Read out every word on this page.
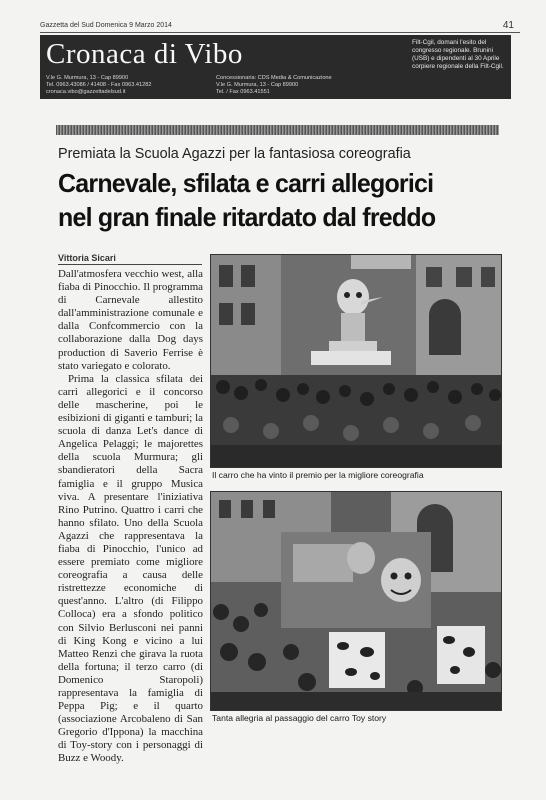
Gazzetta del Sud Domenica 9 Marzo 2014	41
Cronaca di Vibo
V.le G. Murmura, 13 - Cap 89900
Tel. 0963.43086 / 41408 - Fax 0963.41282
cronaca.vibo@gazzettadelsud.it
Concessionaria: CDS Media & Comunicazione
V.le G. Murmura, 13 - Cap 89900
Tel. / Fax 0963.41551
Filt-Cgil, domani l'esito del congresso regionale. Brunini (USB) e dipendenti al 30 Aprile corpiere regionale della Filt-Cgil.
Premiata la Scuola Agazzi per la fantasiosa coreografia
Carnevale, sfilata e carri allegorici
nel gran finale ritardato dal freddo
Vittoria Sicari

Dall'atmosfera vecchio west, alla fiaba di Pinocchio. Il programma di Carnevale allestito dall'amministrazione comunale e dalla Confcommercio con la collaborazione dalla Dog days production di Saverio Ferrise è stato variegato e colorato.

Prima la classica sfilata dei carri allegorici e il concorso delle mascherine, poi le esibizioni di giganti e tamburi; la scuola di danza Let's dance di Angelica Pelaggi; le majorettes della scuola Murmura; gli sbandieratori della Sacra famiglia e il gruppo Musica viva. A presentare l'iniziativa Rino Putrino. Quattro i carri che hanno sfilato. Uno della Scuola Agazzi che rappresentava la fiaba di Pinocchio, l'unico ad essere premiato come migliore coreografia a causa delle ristrettezze economiche di quest'anno. L'altro (di Filippo Colloca) era a sfondo politico con Silvio Berlusconi nei panni di King Kong e vicino a lui Matteo Renzi che girava la ruota della fortuna; il terzo carro (di Domenico Staropoli) rappresentava la famiglia di Peppa Pig; e il quarto (associazione Arcobaleno di San Gregorio d'Ippona) la macchina di Toy-story con i personaggi di Buzz e Woody.

Il carro che ha vinto il premio per la migliore coreografia
Tanta allegria al passaggio del carro Toy story
